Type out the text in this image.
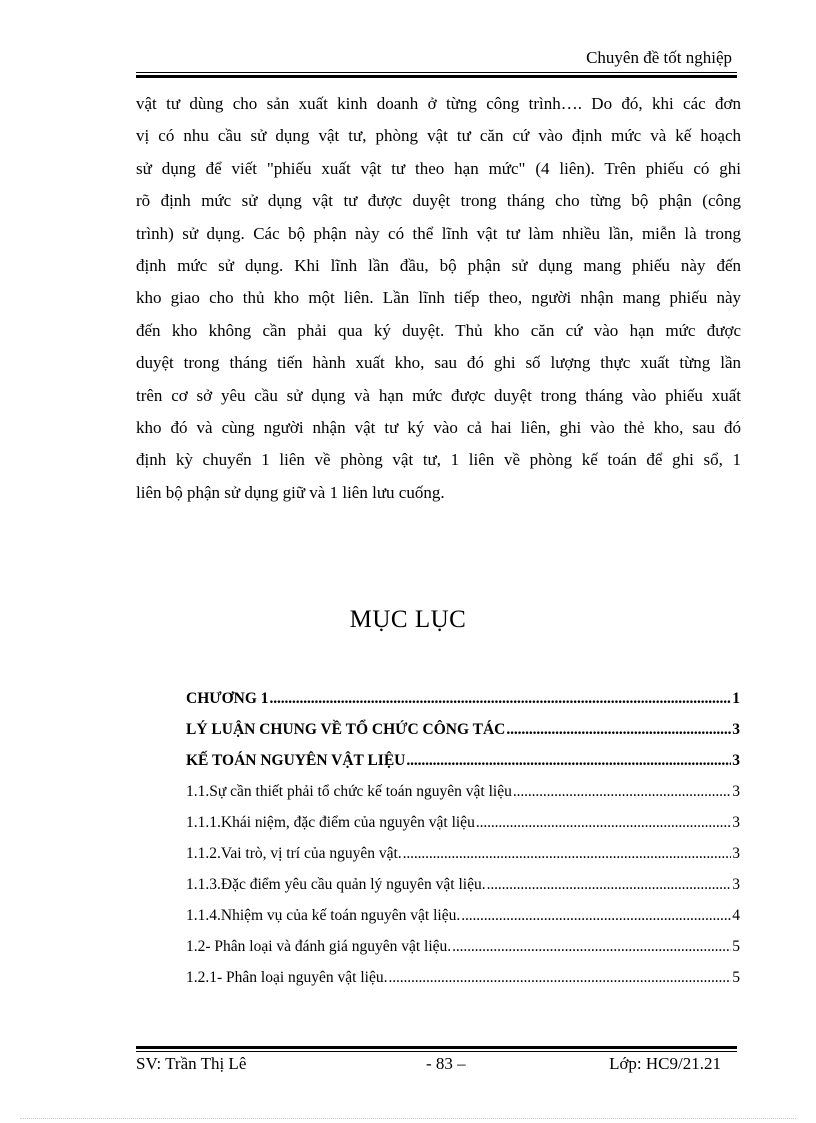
Chuyên đề tốt nghiệp
vật tư dùng cho sản xuất kinh doanh ở từng công trình…. Do đó, khi các đơn
vị có nhu cầu sử dụng vật tư, phòng vật tư căn cứ vào định mức và kế hoạch
sử dụng để viết "phiếu xuất vật tư theo hạn mức" (4 liên). Trên phiếu có ghi
rõ định mức sử dụng vật tư được duyệt trong tháng cho từng bộ phận (công
trình) sử dụng. Các bộ phận này có thể lĩnh vật tư làm nhiều lần, miễn là trong
định mức sử dụng. Khi lĩnh lần đầu, bộ phận sử dụng mang phiếu này đến
kho giao cho thủ kho một liên. Lần lĩnh tiếp theo, người nhận mang phiếu này
đến kho không cần phải qua ký duyệt. Thủ kho căn cứ vào hạn mức được
duyệt trong tháng tiến hành xuất kho, sau đó ghi số lượng thực xuất từng lần
trên cơ sở yêu cầu sử dụng và hạn mức được duyệt trong tháng vào phiếu xuất
kho đó và cùng người nhận vật tư ký vào cả hai liên, ghi vào thẻ kho, sau đó
định kỳ chuyển 1 liên về phòng vật tư, 1 liên về phòng kế toán để ghi sổ, 1
liên bộ phận sử dụng giữ và 1 liên lưu cuống.
MỤC LỤC
CHƯƠNG 1 . . .	1
LÝ LUẬN CHUNG VỀ TỔ CHỨC CÔNG TÁC . . .	3
KẾ TOÁN NGUYÊN VẬT LIỆU . . .	3
1.1.Sự cần thiết phải tổ chức kế toán nguyên vật liệu . . .	3
1.1.1.Khái niệm, đặc điểm của nguyên vật liệu . . .	3
1.1.2.Vai trò, vị trí của nguyên vật. . . .	3
1.1.3.Đặc điểm yêu cầu quản lý nguyên vật liệu. . . .	3
1.1.4.Nhiệm vụ của kế toán nguyên vật liệu. . . .	4
1.2- Phân loại và đánh giá nguyên vật liệu. . . .	5
1.2.1- Phân loại nguyên vật liệu. . . .	5
SV: Trần Thị Lê	- 83 –	Lớp: HC9/21.21
